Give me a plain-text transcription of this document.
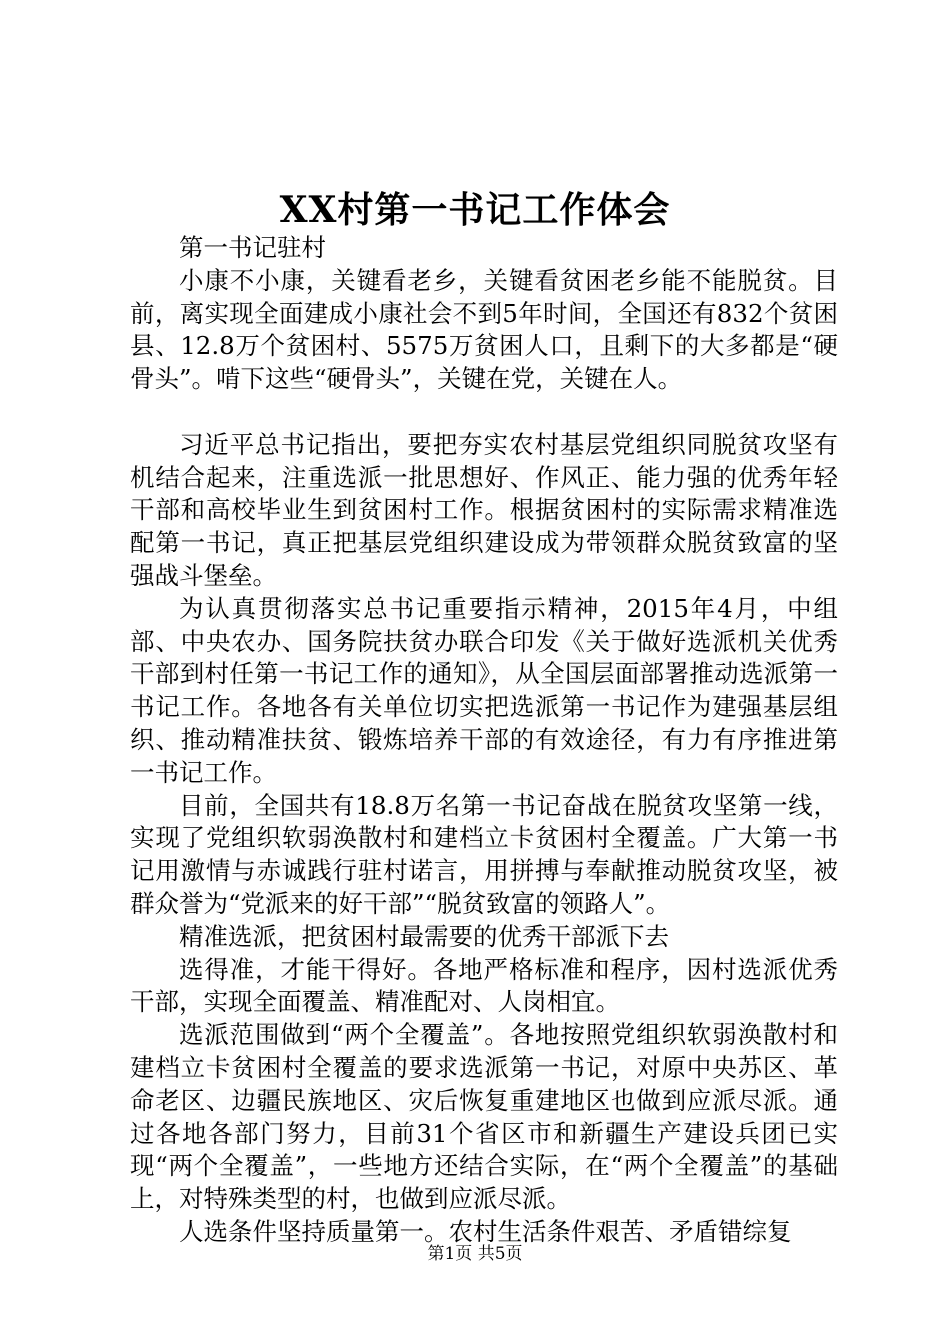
XX村第一书记工作体会

第一书记驻村

小康不小康，关键看老乡，关键看贫困老乡能不能脱贫。目前，离实现全面建成小康社会不到5年时间，全国还有832个贫困县、12.8万个贫困村、5575万贫困人口，且剩下的大多都是“硬骨头”。啃下这些“硬骨头”，关键在党，关键在人。

习近平总书记指出，要把夯实农村基层党组织同脱贫攻坚有机结合起来，注重选派一批思想好、作风正、能力强的优秀年轻干部和高校毕业生到贫困村工作。根据贫困村的实际需求精准选配第一书记，真正把基层党组织建设成为带领群众脱贫致富的坚强战斗堡垒。

为认真贯彻落实总书记重要指示精神，2015年4月，中组部、中央农办、国务院扶贫办联合印发《关于做好选派机关优秀干部到村任第一书记工作的通知》，从全国层面部署推动选派第一书记工作。各地各有关单位切实把选派第一书记作为建强基层组织、推动精准扶贫、锻炼培养干部的有效途径，有力有序推进第一书记工作。

目前，全国共有18.8万名第一书记奋战在脱贫攻坚第一线，实现了党组织软弱涣散村和建档立卡贫困村全覆盖。广大第一书记用激情与赤诚践行驻村诺言，用拼搏与奉献推动脱贫攻坚，被群众誉为“党派来的好干部”“脱贫致富的领路人”。

精准选派，把贫困村最需要的优秀干部派下去

选得准，才能干得好。各地严格标准和程序，因村选派优秀干部，实现全面覆盖、精准配对、人岗相宜。

选派范围做到“两个全覆盖”。各地按照党组织软弱涣散村和建档立卡贫困村全覆盖的要求选派第一书记，对原中央苏区、革命老区、边疆民族地区、灾后恢复重建地区也做到应派尽派。通过各地各部门努力，目前31个省区市和新疆生产建设兵团已实现“两个全覆盖”，一些地方还结合实际，在“两个全覆盖”的基础上，对特殊类型的村，也做到应派尽派。

人选条件坚持质量第一。农村生活条件艰苦、矛盾错综复

第1页 共5页
